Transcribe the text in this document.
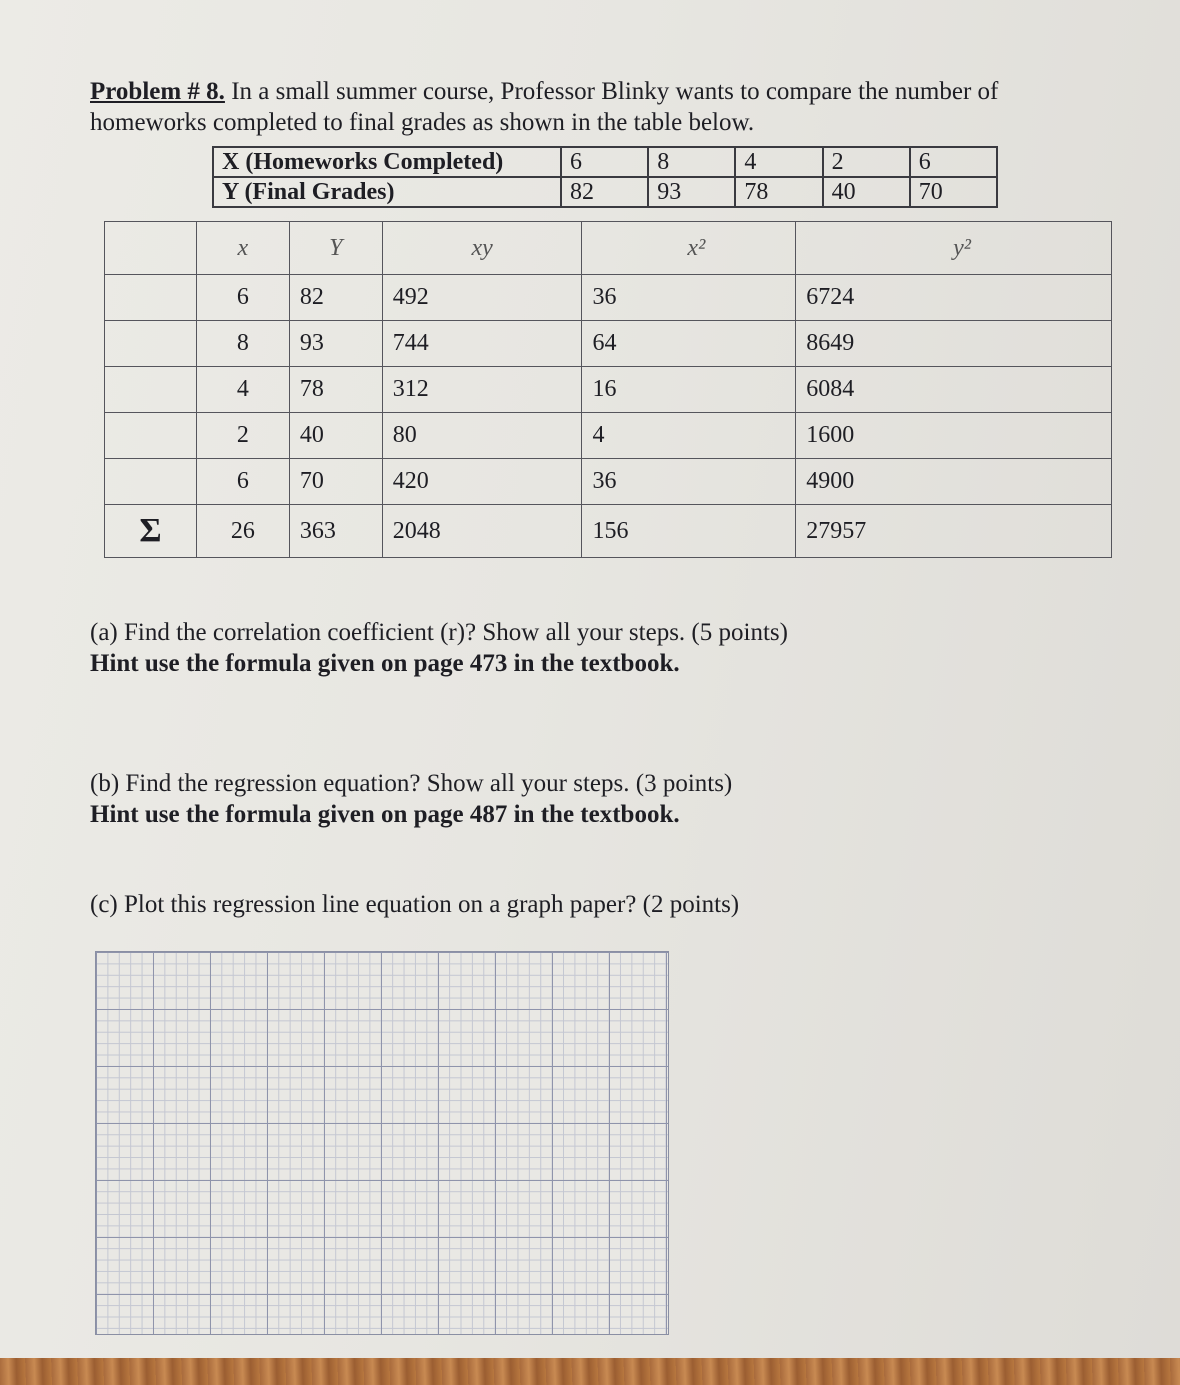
Problem # 8. In a small summer course, Professor Blinky wants to compare the number of homeworks completed to final grades as shown in the table below.
X (Homeworks Completed)	6	8	4	2	6
Y (Final Grades)	82	93	78	40	70
	x	Y	xy	x²	y²
	6	82	492	36	6724
	8	93	744	64	8649
	4	78	312	16	6084
	2	40	80	4	1600
	6	70	420	36	4900
Σ	26	363	2048	156	27957
(a) Find the correlation coefficient (r)? Show all your steps. (5 points)
Hint use the formula given on page 473 in the textbook.
(b) Find the regression equation? Show all your steps. (3 points)
Hint use the formula given on page 487 in the textbook.
(c) Plot this regression line equation on a graph paper? (2 points)
